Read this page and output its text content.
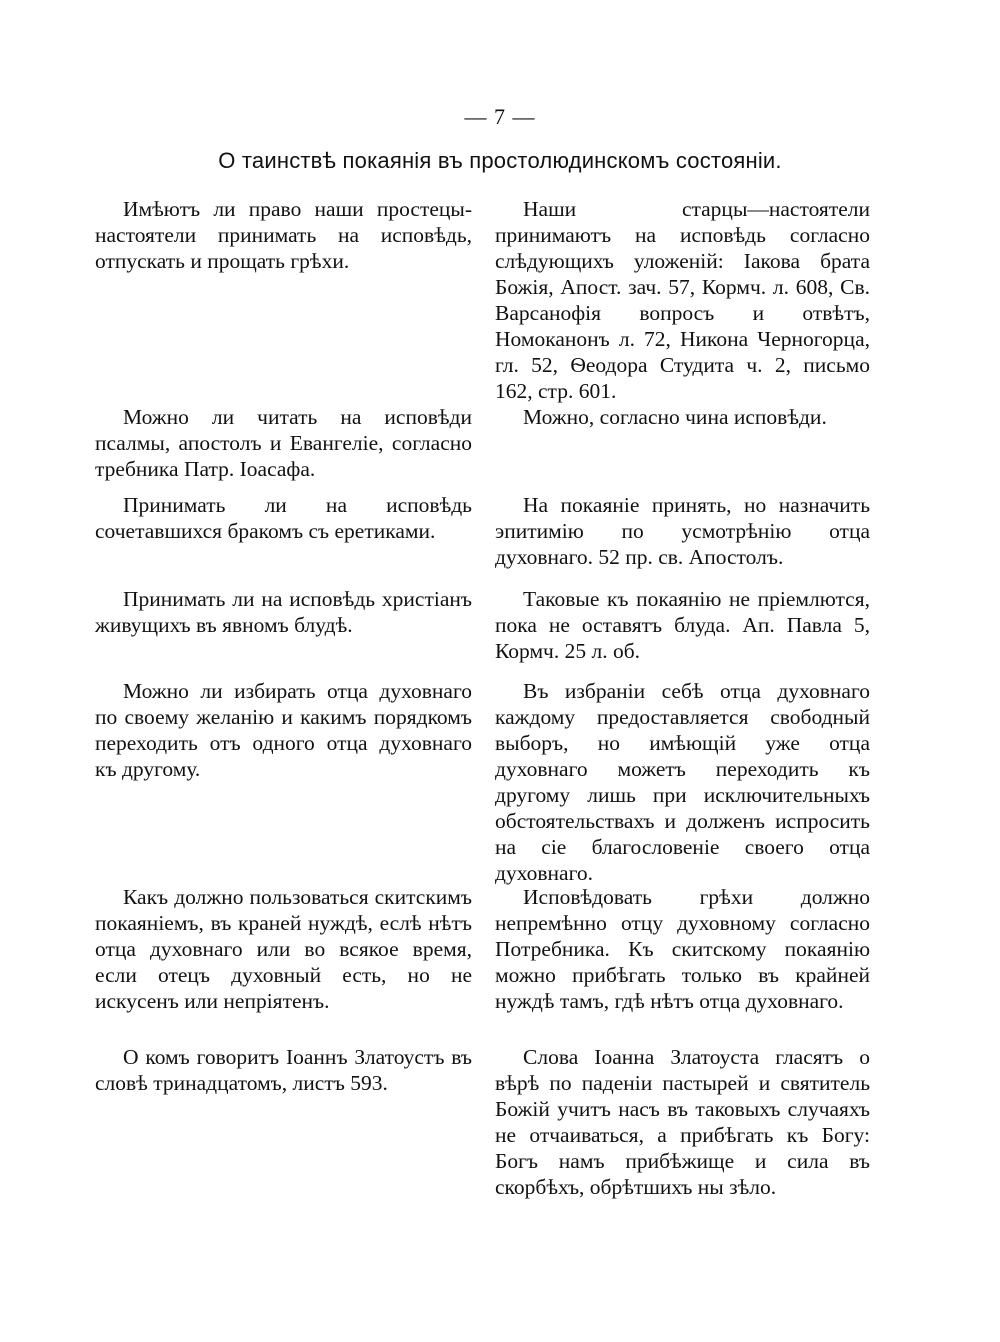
— 7 —
О таинствѣ покаянія въ простолюдинскомъ состояніи.

Имѣютъ ли право наши простецы-настоятели принимать на исповѣдь, отпускать и прощать грѣхи.

Наши старцы—настоятели принимаютъ на исповѣдь согласно слѣдующихъ уложеній: Іакова брата Божія, Апост. зач. 57, Кормч. л. 608, Св. Варсанофія вопросъ и отвѣтъ, Номоканонъ л. 72, Никона Черногорца, гл. 52, Ѳеодора Студита ч. 2, письмо 162, стр. 601.

Можно ли читать на исповѣди псалмы, апостолъ и Евангеліе, согласно требника Патр. Іоасафа.

Можно, согласно чина исповѣди.

Принимать ли на исповѣдь сочетавшихся бракомъ съ еретиками.

На покаяніе принять, но назначить эпитимію по усмотрѣнію отца духовнаго. 52 пр. св. Апостолъ.

Принимать ли на исповѣдь христіанъ живущихъ въ явномъ блудѣ.

Таковые къ покаянію не пріемлются, пока не оставятъ блуда. Ап. Павла 5, Кормч. 25 л. об.

Можно ли избирать отца духовнаго по своему желанію и какимъ порядкомъ переходить отъ одного отца духовнаго къ другому.

Въ избраніи себѣ отца духовнаго каждому предоставляется свободный выборъ, но имѣющій уже отца духовнаго можетъ переходить къ другому лишь при исключительныхъ обстоятельствахъ и долженъ испросить на сіе благословеніе своего отца духовнаго.

Какъ должно пользоваться скитскимъ покаяніемъ, въ краней нуждѣ, еслѣ нѣтъ отца духовнаго или во всякое время, если отецъ духовный есть, но не искусенъ или непріятенъ.

Исповѣдовать грѣхи должно непремѣнно отцу духовному согласно Потребника. Къ скитскому покаянію можно прибѣгать только въ крайней нуждѣ тамъ, гдѣ нѣтъ отца духовнаго.

О комъ говоритъ Іоаннъ Златоустъ въ словѣ тринадцатомъ, листъ 593.

Слова Іоанна Златоуста гласятъ о вѣрѣ по паденіи пастырей и святитель Божій учитъ насъ въ таковыхъ случаяхъ не отчаиваться, а прибѣгать къ Богу: Богъ намъ прибѣжище и сила въ скорбѣхъ, обрѣтшихъ ны зѣло.
